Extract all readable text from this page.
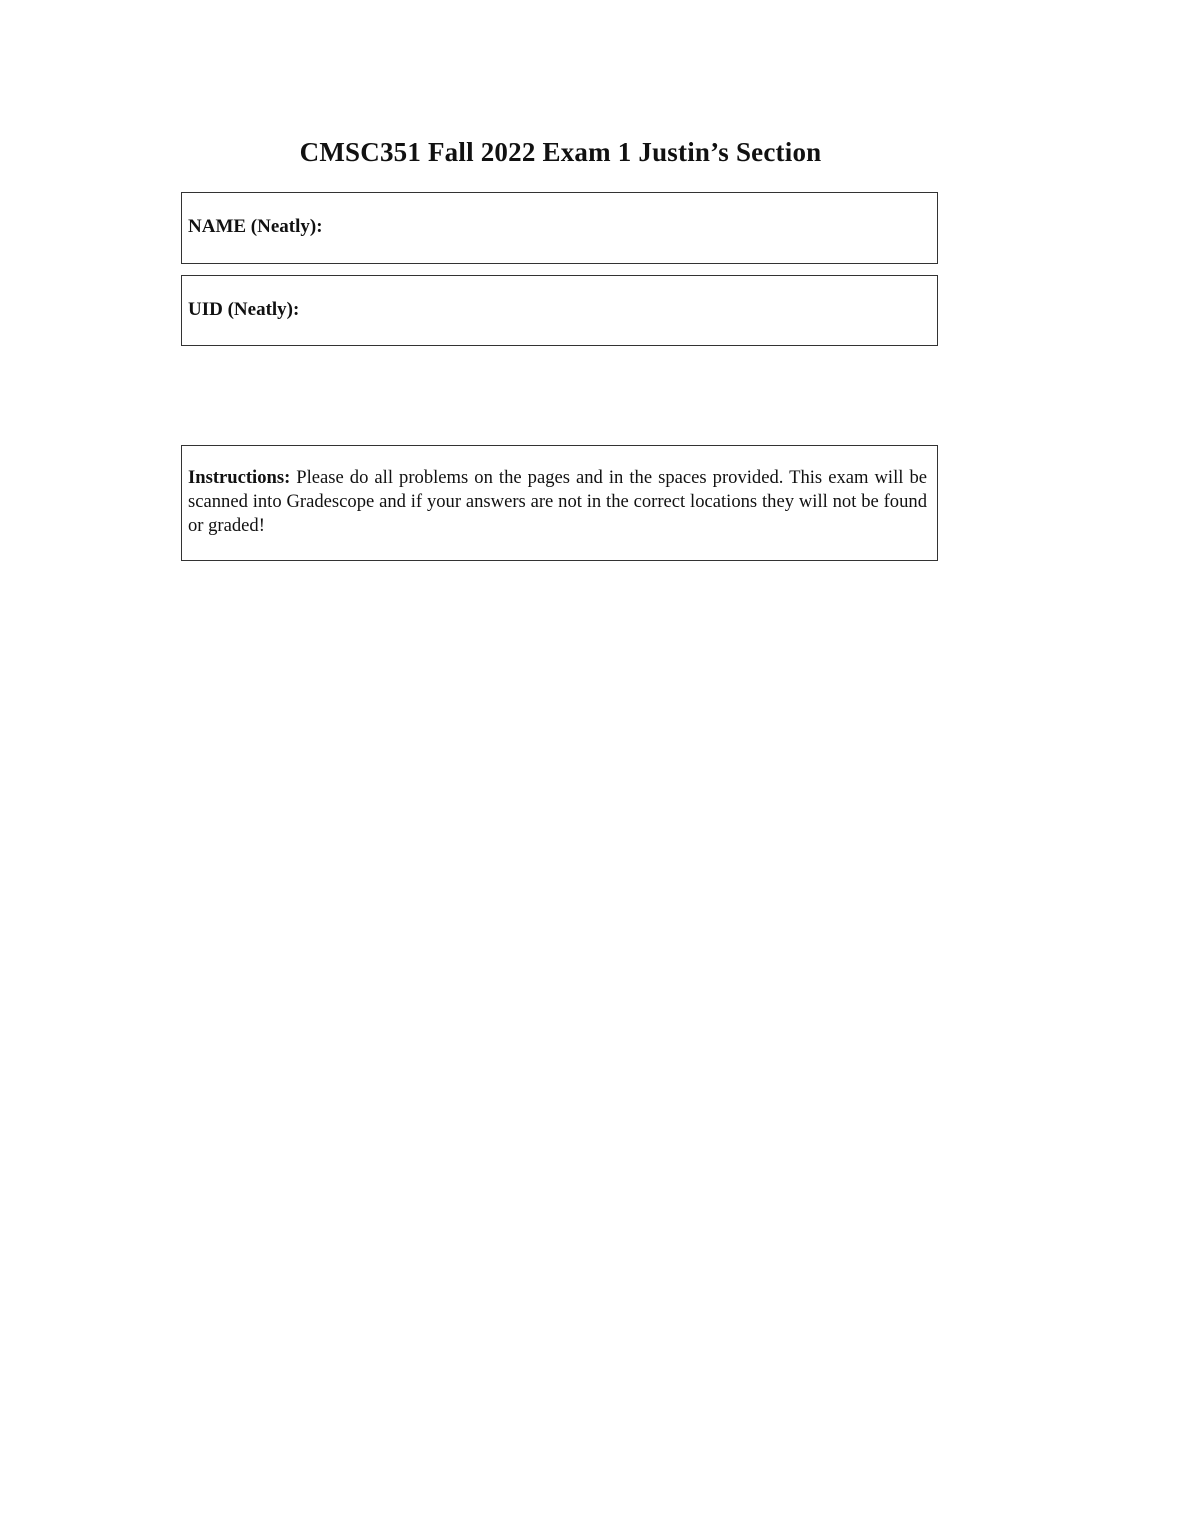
CMSC351 Fall 2022 Exam 1 Justin’s Section
NAME (Neatly):
UID (Neatly):
Instructions: Please do all problems on the pages and in the spaces provided. This exam will be scanned into Gradescope and if your answers are not in the correct locations they will not be found or graded!
